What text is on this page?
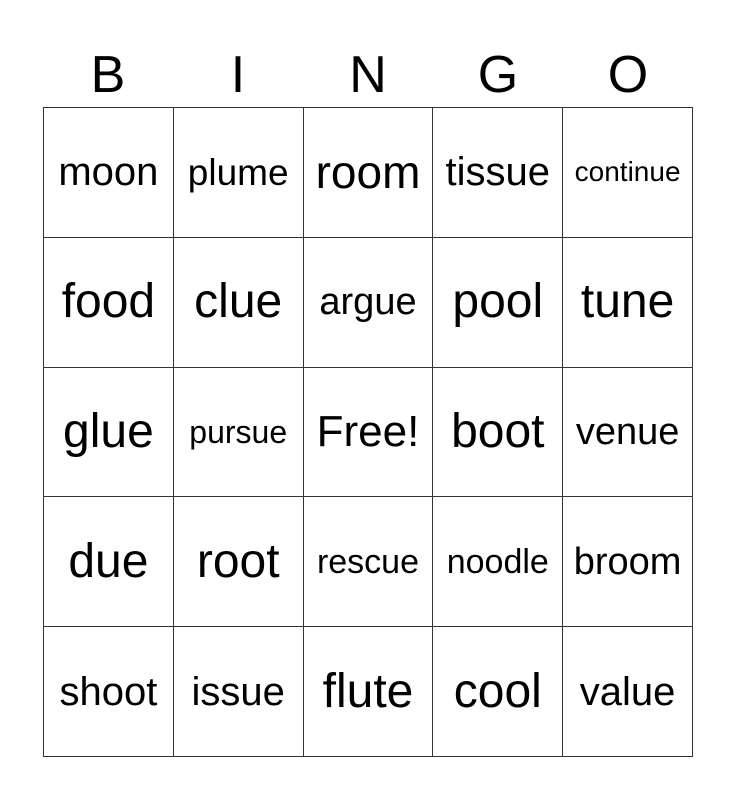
B	I	N	G	O
moon plume room tissue continue
food clue argue pool tune
glue pursue Free! boot venue
due root rescue noodle broom
shoot issue flute cool value
